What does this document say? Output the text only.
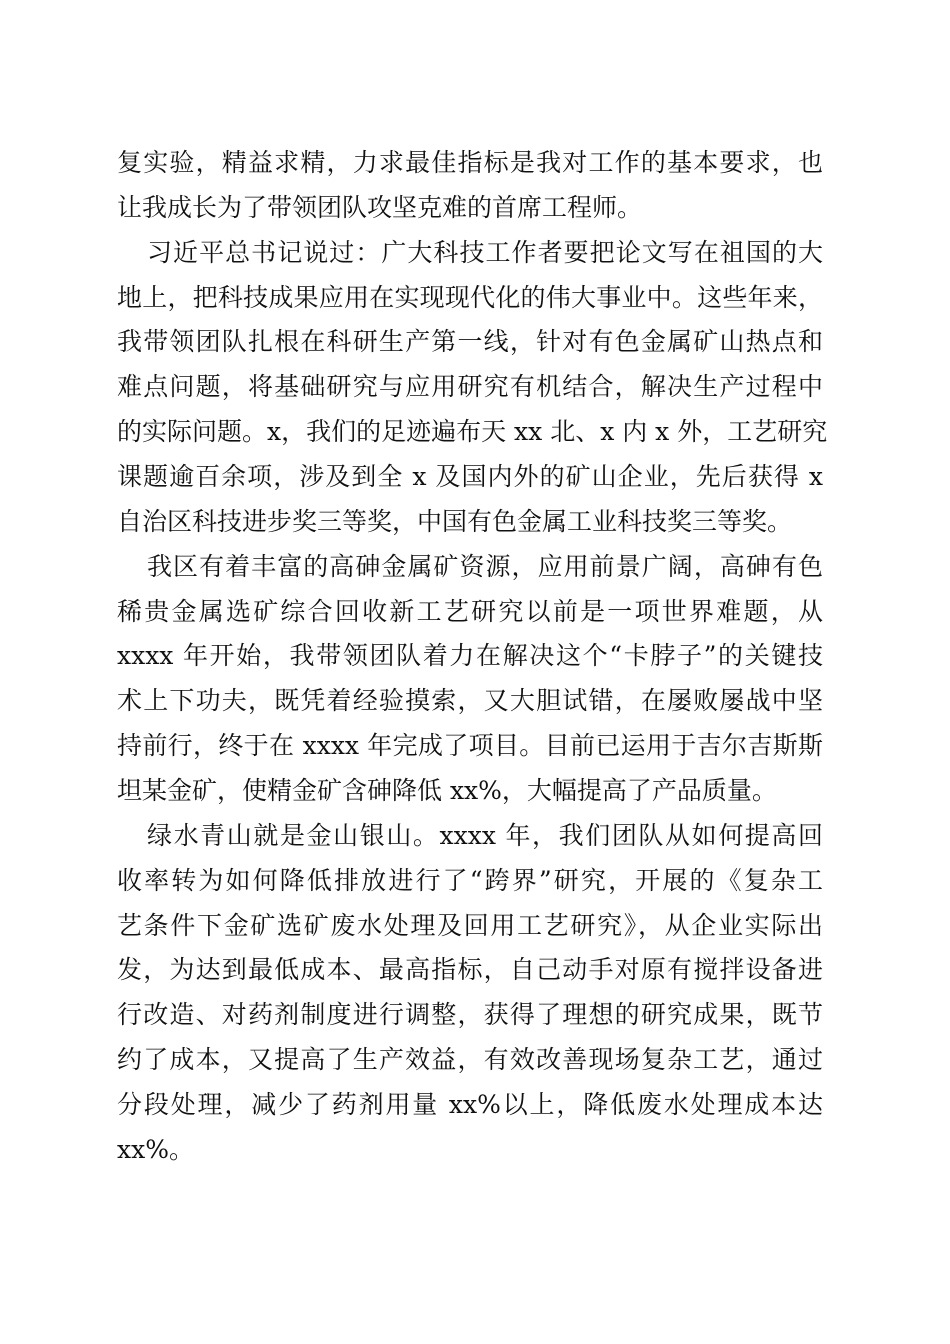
复实验，精益求精，力求最佳指标是我对工作的基本要求，也
让我成长为了带领团队攻坚克难的首席工程师。
习近平总书记说过：广大科技工作者要把论文写在祖国的大
地上，把科技成果应用在实现现代化的伟大事业中。这些年来，
我带领团队扎根在科研生产第一线，针对有色金属矿山热点和
难点问题，将基础研究与应用研究有机结合，解决生产过程中
的实际问题。x，我们的足迹遍布天 xx 北、x 内 x 外，工艺研究
课题逾百余项，涉及到全 x 及国内外的矿山企业，先后获得 x
自治区科技进步奖三等奖，中国有色金属工业科技奖三等奖。
我区有着丰富的高砷金属矿资源，应用前景广阔，高砷有色
稀贵金属选矿综合回收新工艺研究以前是一项世界难题，从
xxxx 年开始，我带领团队着力在解决这个“卡脖子”的关键技
术上下功夫，既凭着经验摸索，又大胆试错，在屡败屡战中坚
持前行，终于在 xxxx 年完成了项目。目前已运用于吉尔吉斯斯
坦某金矿，使精金矿含砷降低 xx%，大幅提高了产品质量。
绿水青山就是金山银山。xxxx 年，我们团队从如何提高回
收率转为如何降低排放进行了“跨界”研究，开展的《复杂工
艺条件下金矿选矿废水处理及回用工艺研究》，从企业实际出
发，为达到最低成本、最高指标，自己动手对原有搅拌设备进
行改造、对药剂制度进行调整，获得了理想的研究成果，既节
约了成本，又提高了生产效益，有效改善现场复杂工艺，通过
分段处理，减少了药剂用量 xx%以上，降低废水处理成本达
xx%。
